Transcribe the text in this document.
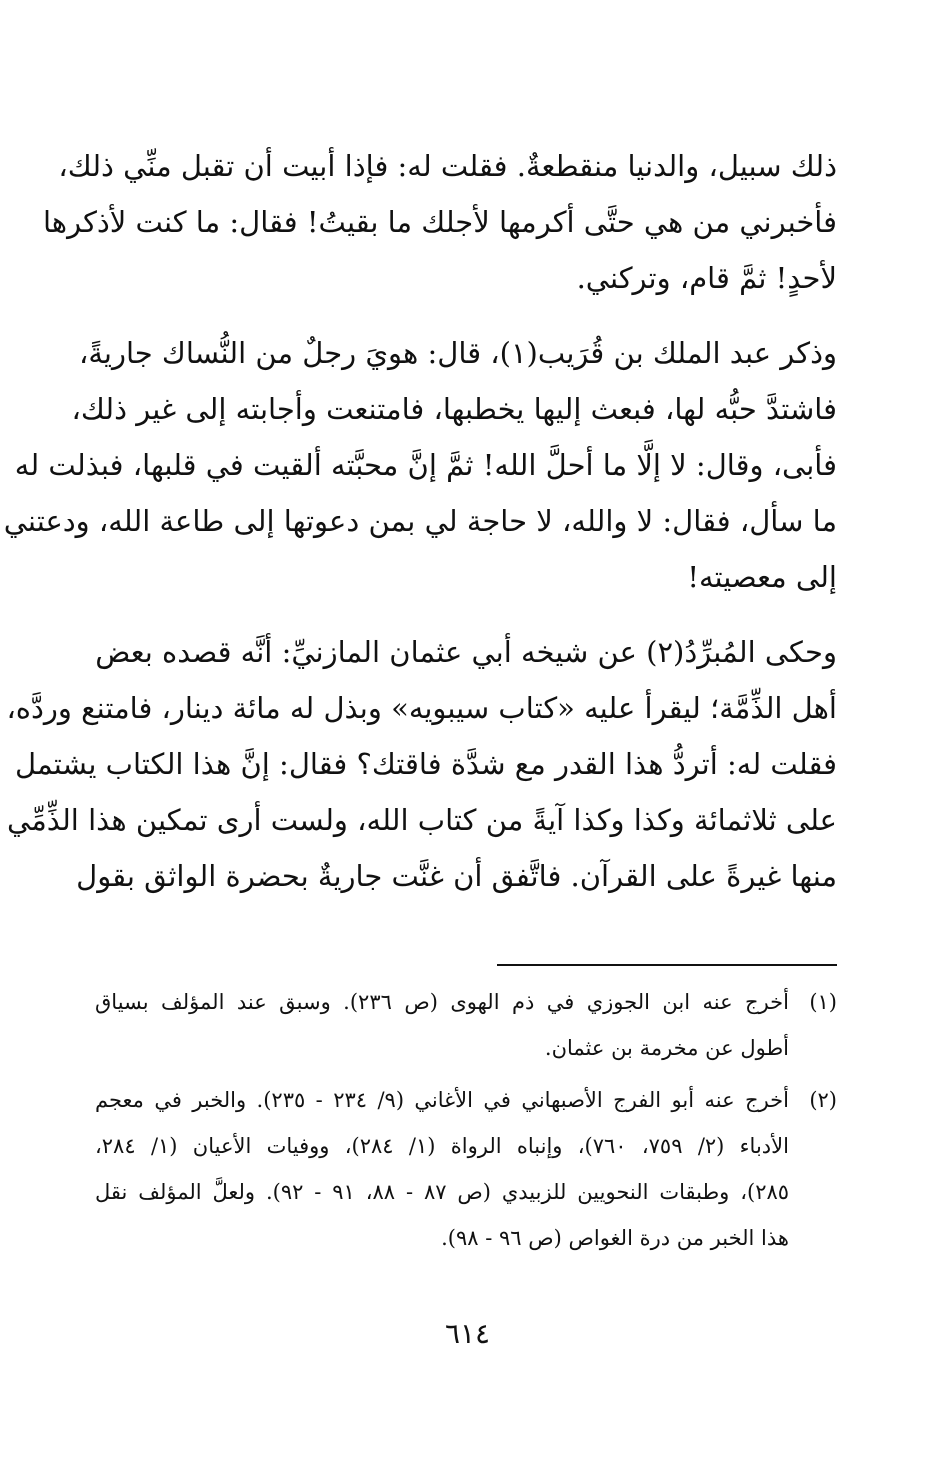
ذلك سبيل، والدنيا منقطعةٌ. فقلت له: فإذا أبيت أن تقبل منِّي ذلك،
فأخبرني من هي حتَّى أكرمها لأجلك ما بقيتُ! فقال: ما كنت لأذكرها
لأحدٍ! ثمَّ قام، وتركني.
وذكر عبد الملك بن قُرَيب(١)، قال: هويَ رجلٌ من النُّساك جاريةً،
فاشتدَّ حبُّه لها، فبعث إليها يخطبها، فامتنعت وأجابته إلى غير ذلك،
فأبى، وقال: لا إلَّا ما أحلَّ الله! ثمَّ إنَّ محبَّته ألقيت في قلبها، فبذلت له
ما سأل، فقال: لا والله، لا حاجة لي بمن دعوتها إلى طاعة الله، ودعتني
إلى معصيته!
وحكى المُبرِّدُ(٢) عن شيخه أبي عثمان المازنيِّ: أنَّه قصده بعض
أهل الذِّمَّة؛ ليقرأ عليه «كتاب سيبويه» وبذل له مائة دينار، فامتنع وردَّه،
فقلت له: أتردُّ هذا القدر مع شدَّة فاقتك؟ فقال: إنَّ هذا الكتاب يشتمل
على ثلاثمائة وكذا وكذا آيةً من كتاب الله، ولست أرى تمكين هذا الذِّمِّي
منها غيرةً على القرآن. فاتَّفق أن غنَّت جاريةٌ بحضرة الواثق بقول
(١)
أخرج عنه ابن الجوزي في ذم الهوى (ص ٢٣٦). وسبق عند المؤلف بسياق
أطول عن مخرمة بن عثمان.
(٢)
أخرج عنه أبو الفرج الأصبهاني في الأغاني (٩/ ٢٣٤ - ٢٣٥). والخبر في معجم
الأدباء (٢/ ٧٥٩، ٧٦٠)، وإنباه الرواة (١/ ٢٨٤)، ووفيات الأعيان (١/ ٢٨٤،
٢٨٥)، وطبقات النحويين للزبيدي (ص ٨٧ - ٨٨، ٩١ - ٩٢). ولعلَّ المؤلف نقل
هذا الخبر من درة الغواص (ص ٩٦ - ٩٨).
٦١٤
